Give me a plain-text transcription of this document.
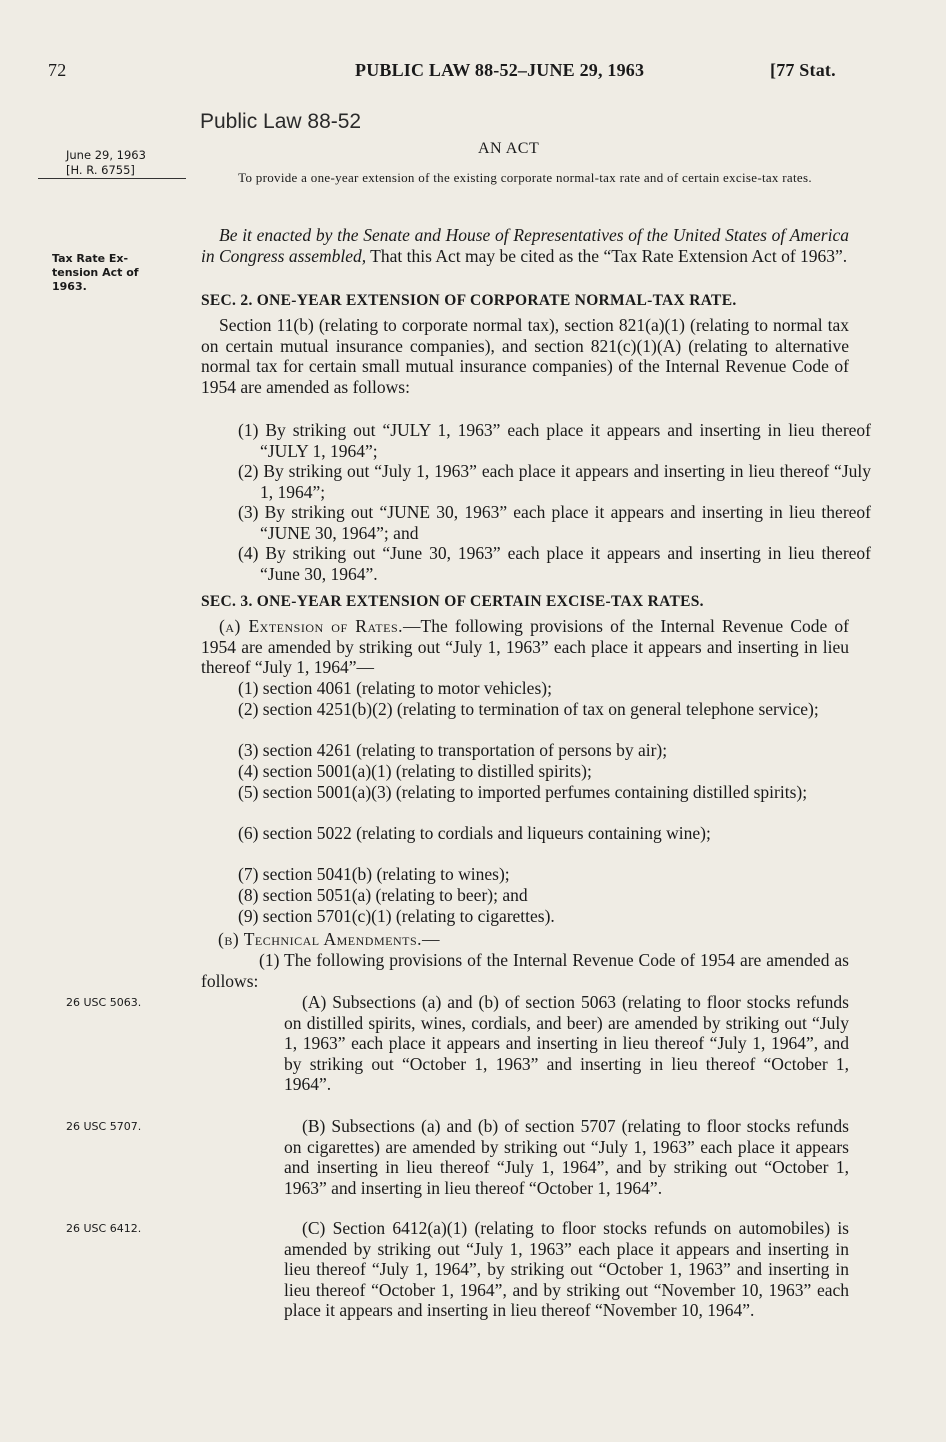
72	PUBLIC LAW 88-52–JUNE 29, 1963	[77 Stat.
Public Law 88-52
AN ACT
June 29, 1963
[H. R. 6755]	To provide a one-year extension of the existing corporate normal-tax rate and of certain excise-tax rates.
Tax Rate Ex-
tension Act of
1963.
Be it enacted by the Senate and House of Representatives of the United States of America in Congress assembled, That this Act may be cited as the “Tax Rate Extension Act of 1963”.
SEC. 2. ONE-YEAR EXTENSION OF CORPORATE NORMAL-TAX RATE.
Section 11(b) (relating to corporate normal tax), section 821(a)(1) (relating to normal tax on certain mutual insurance companies), and section 821(c)(1)(A) (relating to alternative normal tax for certain small mutual insurance companies) of the Internal Revenue Code of 1954 are amended as follows:
(1) By striking out “JULY 1, 1963” each place it appears and inserting in lieu thereof “JULY 1, 1964”;
(2) By striking out “July 1, 1963” each place it appears and inserting in lieu thereof “July 1, 1964”;
(3) By striking out “JUNE 30, 1963” each place it appears and inserting in lieu thereof “JUNE 30, 1964”; and
(4) By striking out “June 30, 1963” each place it appears and inserting in lieu thereof “June 30, 1964”.
SEC. 3. ONE-YEAR EXTENSION OF CERTAIN EXCISE-TAX RATES.
(a) Extension of Rates.—The following provisions of the Internal Revenue Code of 1954 are amended by striking out “July 1, 1963” each place it appears and inserting in lieu thereof “July 1, 1964”—
(1) section 4061 (relating to motor vehicles);
(2) section 4251(b)(2) (relating to termination of tax on general telephone service);
(3) section 4261 (relating to transportation of persons by air);
(4) section 5001(a)(1) (relating to distilled spirits);
(5) section 5001(a)(3) (relating to imported perfumes containing distilled spirits);
(6) section 5022 (relating to cordials and liqueurs containing wine);
(7) section 5041(b) (relating to wines);
(8) section 5051(a) (relating to beer); and
(9) section 5701(c)(1) (relating to cigarettes).
(b) Technical Amendments.—
(1) The following provisions of the Internal Revenue Code of 1954 are amended as follows:
26 USC 5063.	(A) Subsections (a) and (b) of section 5063 (relating to floor stocks refunds on distilled spirits, wines, cordials, and beer) are amended by striking out “July 1, 1963” each place it appears and inserting in lieu thereof “July 1, 1964”, and by striking out “October 1, 1963” and inserting in lieu thereof “October 1, 1964”.
26 USC 5707.	(B) Subsections (a) and (b) of section 5707 (relating to floor stocks refunds on cigarettes) are amended by striking out “July 1, 1963” each place it appears and inserting in lieu thereof “July 1, 1964”, and by striking out “October 1, 1963” and inserting in lieu thereof “October 1, 1964”.
26 USC 6412.	(C) Section 6412(a)(1) (relating to floor stocks refunds on automobiles) is amended by striking out “July 1, 1963” each place it appears and inserting in lieu thereof “July 1, 1964”, by striking out “October 1, 1963” and inserting in lieu thereof “October 1, 1964”, and by striking out “November 10, 1963” each place it appears and inserting in lieu thereof “November 10, 1964”.
